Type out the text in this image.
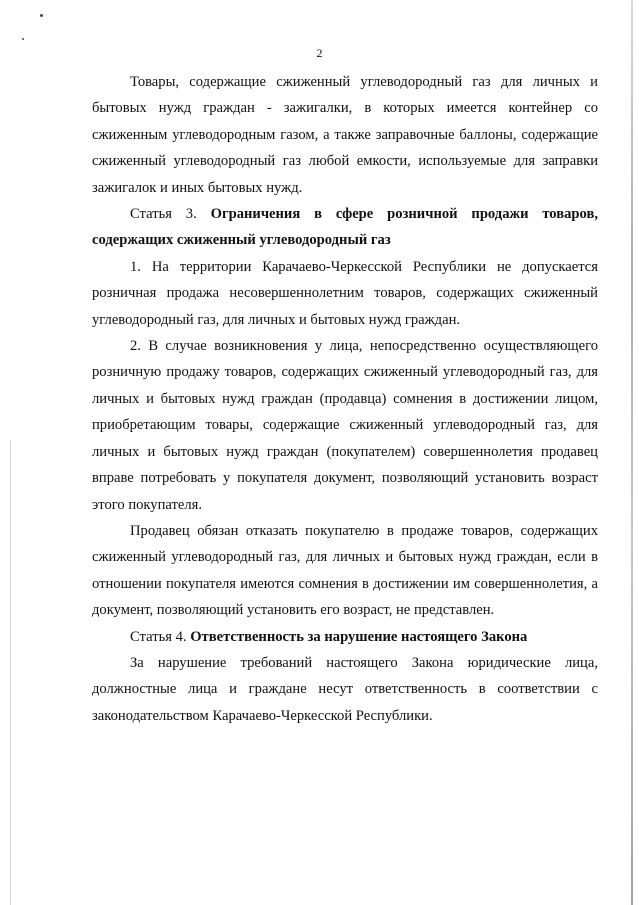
2

Товары, содержащие сжиженный углеводородный газ для личных и бытовых нужд граждан - зажигалки, в которых имеется контейнер со сжиженным углеводородным газом, а также заправочные баллоны, содержащие сжиженный углеводородный газ любой емкости, используемые для заправки зажигалок и иных бытовых нужд.

Статья 3. Ограничения в сфере розничной продажи товаров, содержащих сжиженный углеводородный газ

1. На территории Карачаево-Черкесской Республики не допускается розничная продажа несовершеннолетним товаров, содержащих сжиженный углеводородный газ, для личных и бытовых нужд граждан.

2. В случае возникновения у лица, непосредственно осуществляющего розничную продажу товаров, содержащих сжиженный углеводородный газ, для личных и бытовых нужд граждан (продавца) сомнения в достижении лицом, приобретающим товары, содержащие сжиженный углеводородный газ, для личных и бытовых нужд граждан (покупателем) совершеннолетия продавец вправе потребовать у покупателя документ, позволяющий установить возраст этого покупателя.

Продавец обязан отказать покупателю в продаже товаров, содержащих сжиженный углеводородный газ, для личных и бытовых нужд граждан, если в отношении покупателя имеются сомнения в достижении им совершеннолетия, а документ, позволяющий установить его возраст, не представлен.

Статья 4. Ответственность за нарушение настоящего Закона

За нарушение требований настоящего Закона юридические лица, должностные лица и граждане несут ответственность в соответствии с законодательством Карачаево-Черкесской Республики.
